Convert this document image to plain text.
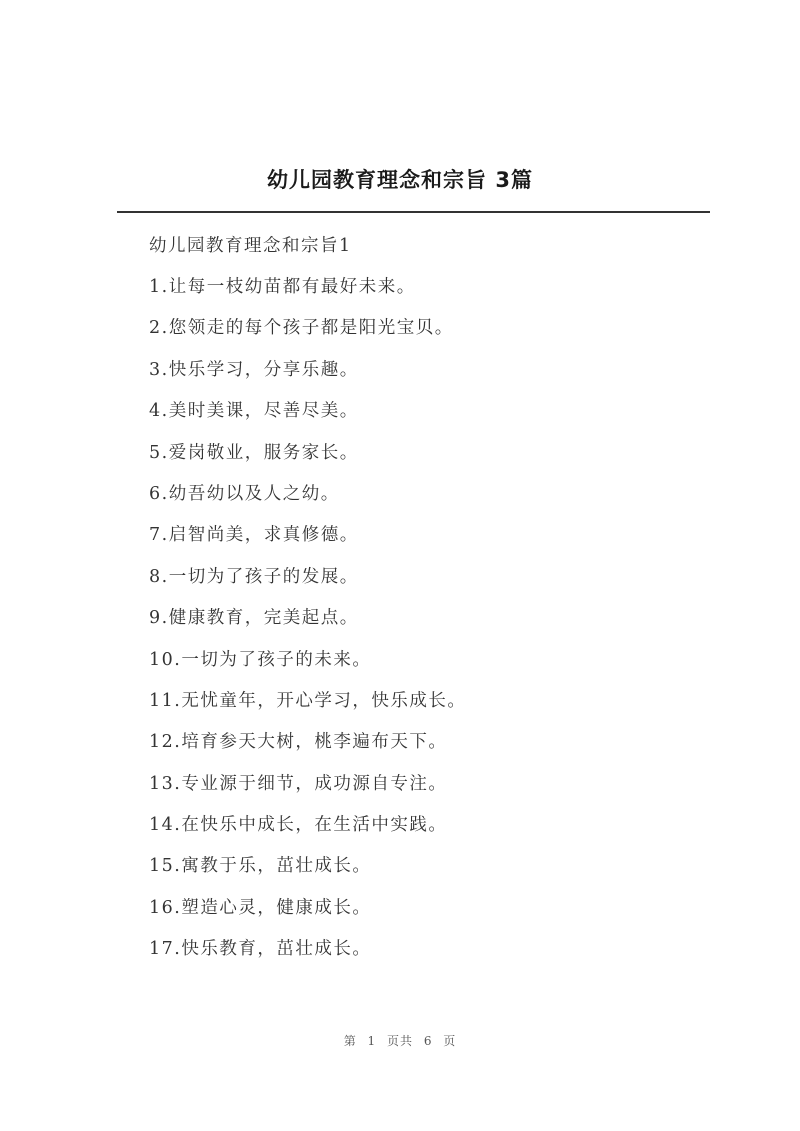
幼儿园教育理念和宗旨 3篇
幼儿园教育理念和宗旨1
1.让每一枝幼苗都有最好未来。
2.您领走的每个孩子都是阳光宝贝。
3.快乐学习，分享乐趣。
4.美时美课，尽善尽美。
5.爱岗敬业，服务家长。
6.幼吾幼以及人之幼。
7.启智尚美，求真修德。
8.一切为了孩子的发展。
9.健康教育，完美起点。
10.一切为了孩子的未来。
11.无忧童年，开心学习，快乐成长。
12.培育参天大树，桃李遍布天下。
13.专业源于细节，成功源自专注。
14.在快乐中成长，在生活中实践。
15.寓教于乐，茁壮成长。
16.塑造心灵，健康成长。
17.快乐教育，茁壮成长。
第 1 页共 6 页
